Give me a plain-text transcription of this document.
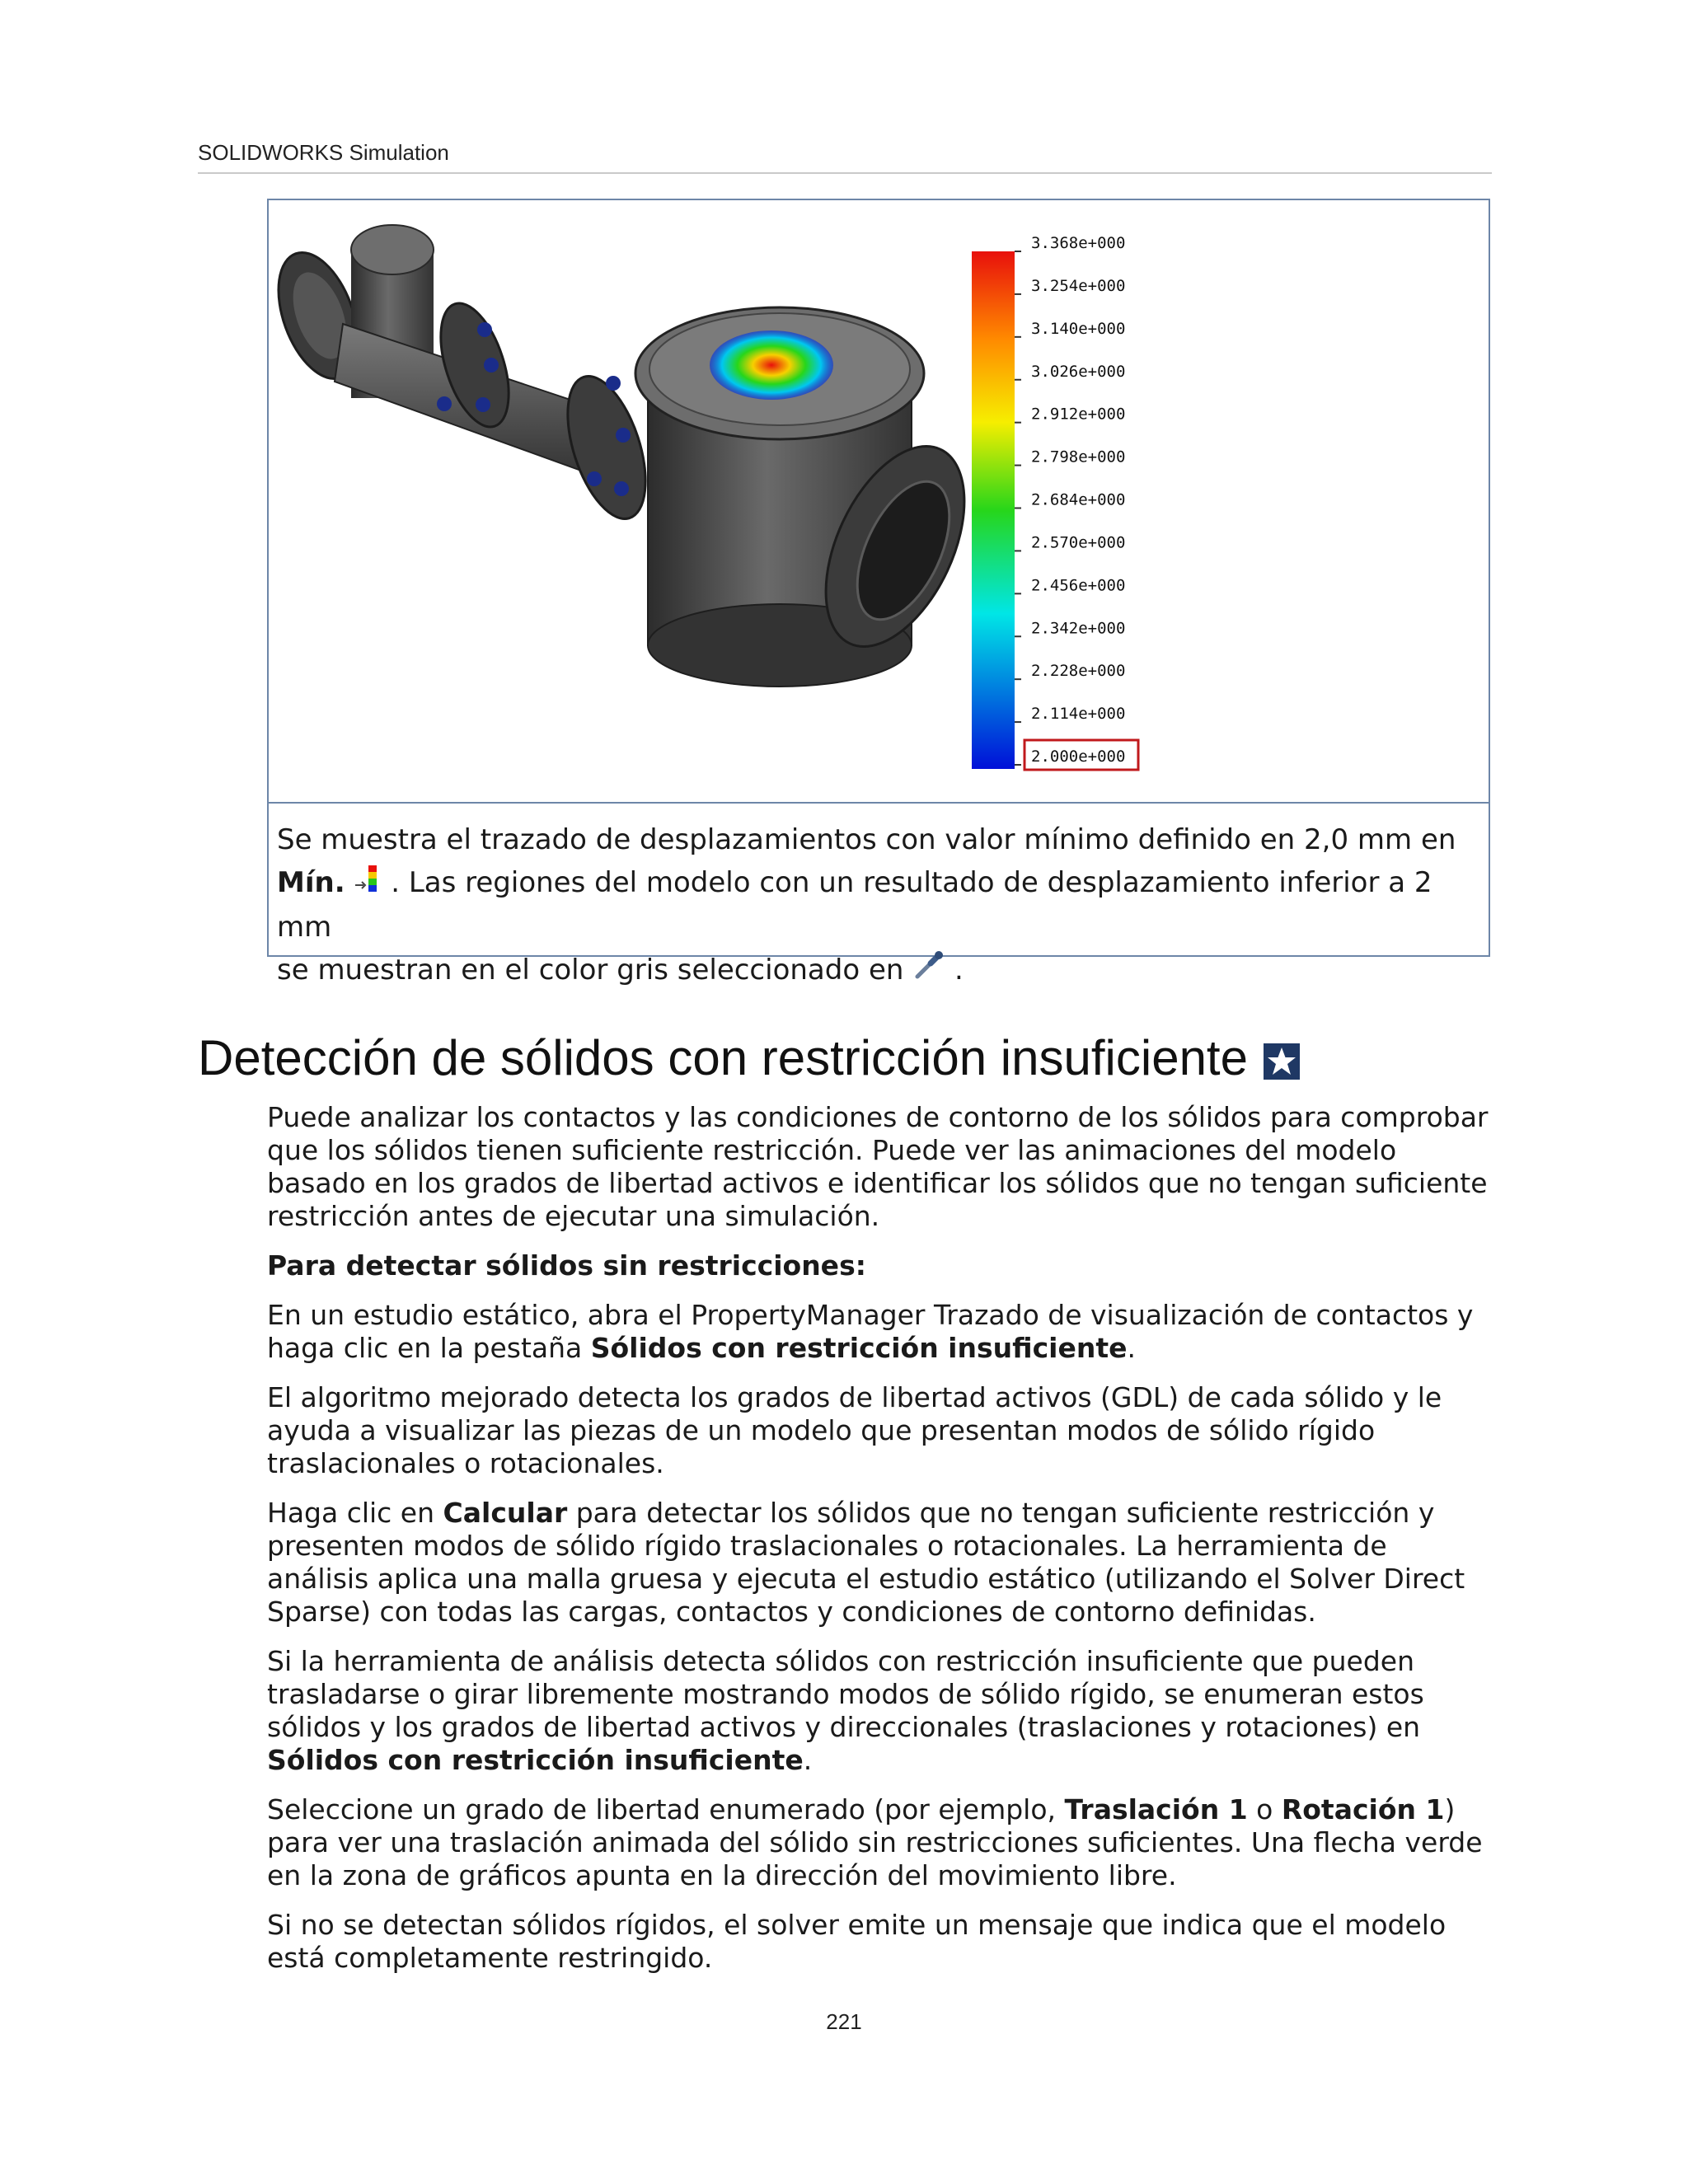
SOLIDWORKS Simulation
3.368e+000
3.254e+000
3.140e+000
3.026e+000
2.912e+000
2.798e+000
2.684e+000
2.570e+000
2.456e+000
2.342e+000
2.228e+000
2.114e+000
2.000e+000
Se muestra el trazado de desplazamientos con valor mínimo definido en 2,0 mm en
Mín. . Las regiones del modelo con un resultado de desplazamiento inferior a 2 mm
se muestran en el color gris seleccionado en .
Detección de sólidos con restricción insuficiente

Puede analizar los contactos y las condiciones de contorno de los sólidos para comprobar que los sólidos tienen suficiente restricción. Puede ver las animaciones del modelo basado en los grados de libertad activos e identificar los sólidos que no tengan suficiente restricción antes de ejecutar una simulación.

Para detectar sólidos sin restricciones:

En un estudio estático, abra el PropertyManager Trazado de visualización de contactos y haga clic en la pestaña Sólidos con restricción insuficiente.

El algoritmo mejorado detecta los grados de libertad activos (GDL) de cada sólido y le ayuda a visualizar las piezas de un modelo que presentan modos de sólido rígido traslacionales o rotacionales.

Haga clic en Calcular para detectar los sólidos que no tengan suficiente restricción y presenten modos de sólido rígido traslacionales o rotacionales. La herramienta de análisis aplica una malla gruesa y ejecuta el estudio estático (utilizando el Solver Direct Sparse) con todas las cargas, contactos y condiciones de contorno definidas.

Si la herramienta de análisis detecta sólidos con restricción insuficiente que pueden trasladarse o girar libremente mostrando modos de sólido rígido, se enumeran estos sólidos y los grados de libertad activos y direccionales (traslaciones y rotaciones) en Sólidos con restricción insuficiente.

Seleccione un grado de libertad enumerado (por ejemplo, Traslación 1 o Rotación 1) para ver una traslación animada del sólido sin restricciones suficientes. Una flecha verde en la zona de gráficos apunta en la dirección del movimiento libre.

Si no se detectan sólidos rígidos, el solver emite un mensaje que indica que el modelo está completamente restringido.

221
